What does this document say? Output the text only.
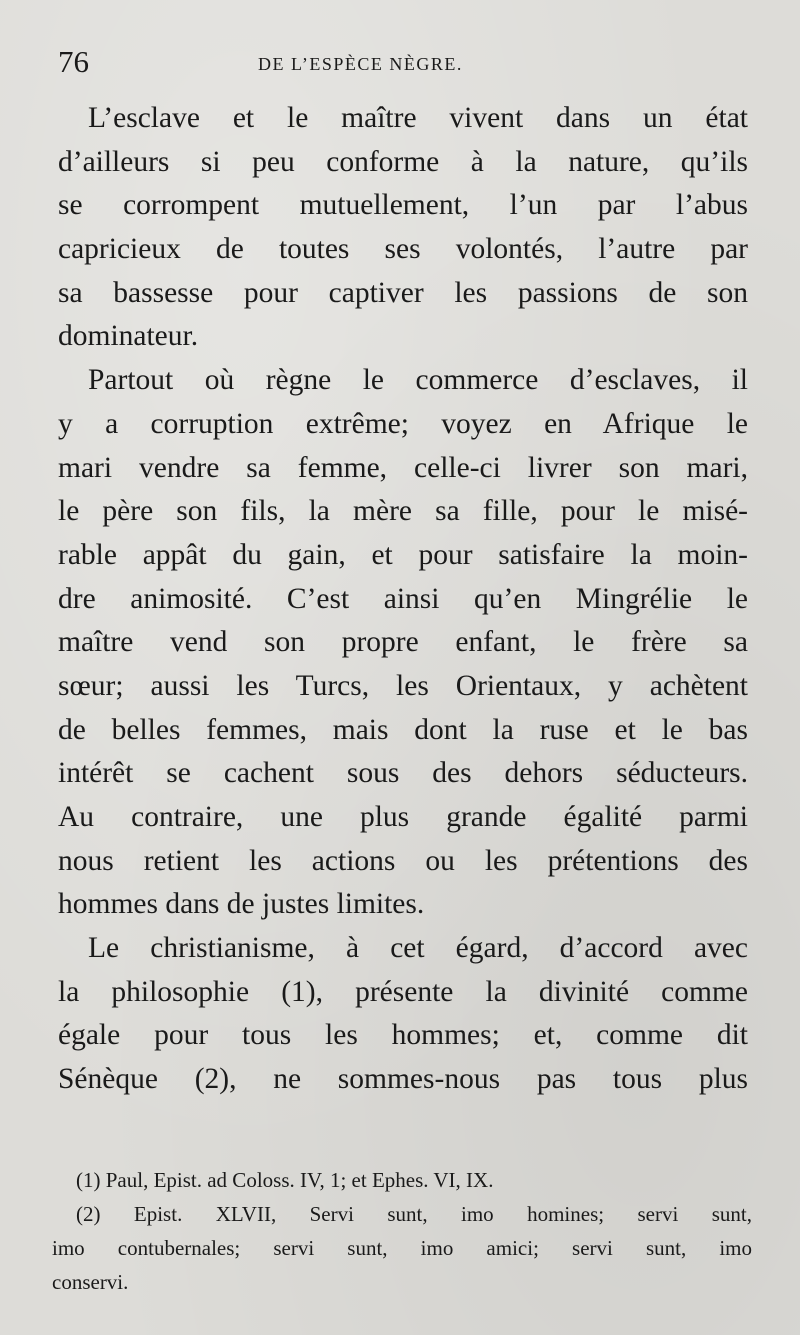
76	DE L’ESPÈCE NÈGRE.
L’esclave et le maître vivent dans un état
d’ailleurs si peu conforme à la nature, qu’ils
se corrompent mutuellement, l’un par l’abus
capricieux de toutes ses volontés, l’autre par
sa bassesse pour captiver les passions de son
dominateur.
Partout où règne le commerce d’esclaves, il
y a corruption extrême; voyez en Afrique le
mari vendre sa femme, celle-ci livrer son mari,
le père son fils, la mère sa fille, pour le misé-
rable appât du gain, et pour satisfaire la moin-
dre animosité. C’est ainsi qu’en Mingrélie le
maître vend son propre enfant, le frère sa
sœur; aussi les Turcs, les Orientaux, y achètent
de belles femmes, mais dont la ruse et le bas
intérêt se cachent sous des dehors séducteurs.
Au contraire, une plus grande égalité parmi
nous retient les actions ou les prétentions des
hommes dans de justes limites.
Le christianisme, à cet égard, d’accord avec
la philosophie (1), présente la divinité comme
égale pour tous les hommes; et, comme dit
Sénèque (2), ne sommes-nous pas tous plus
(1) Paul, Epist. ad Coloss. IV, 1; et Ephes. VI, IX.
(2) Epist. XLVII, Servi sunt, imo homines; servi sunt,
imo contubernales; servi sunt, imo amici; servi sunt, imo
conservi.
